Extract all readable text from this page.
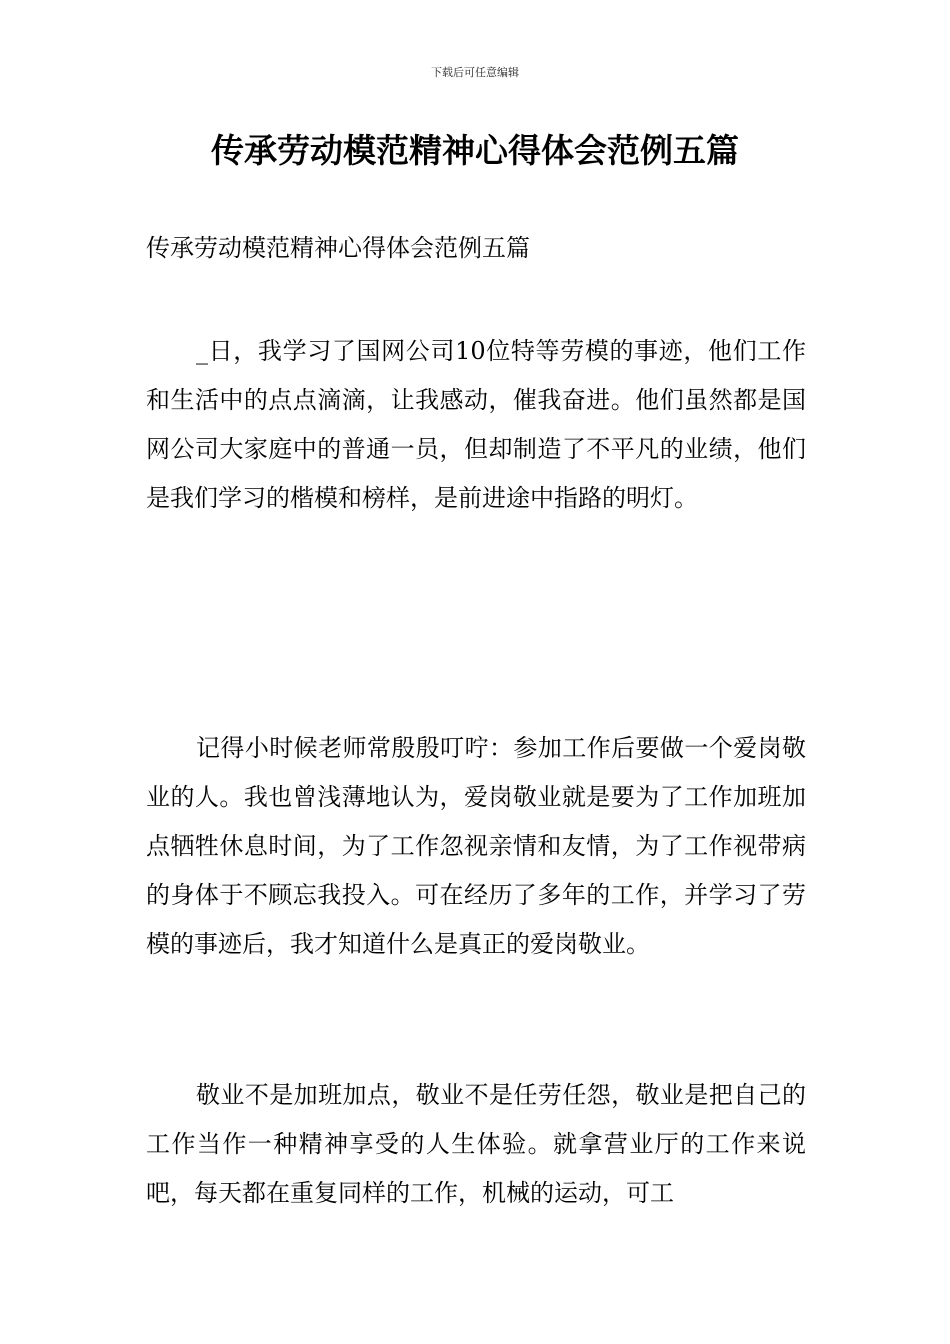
下载后可任意编辑
传承劳动模范精神心得体会范例五篇
传承劳动模范精神心得体会范例五篇

_日，我学习了国网公司10位特等劳模的事迹，他们工作和生活中的点点滴滴，让我感动，催我奋进。他们虽然都是国网公司大家庭中的普通一员，但却制造了不平凡的业绩，他们是我们学习的楷模和榜样，是前进途中指路的明灯。

记得小时候老师常殷殷叮咛：参加工作后要做一个爱岗敬业的人。我也曾浅薄地认为，爱岗敬业就是要为了工作加班加点牺牲休息时间，为了工作忽视亲情和友情，为了工作视带病的身体于不顾忘我投入。可在经历了多年的工作，并学习了劳模的事迹后，我才知道什么是真正的爱岗敬业。

敬业不是加班加点，敬业不是任劳任怨，敬业是把自己的工作当作一种精神享受的人生体验。就拿营业厅的工作来说吧，每天都在重复同样的工作，机械的运动，可工
